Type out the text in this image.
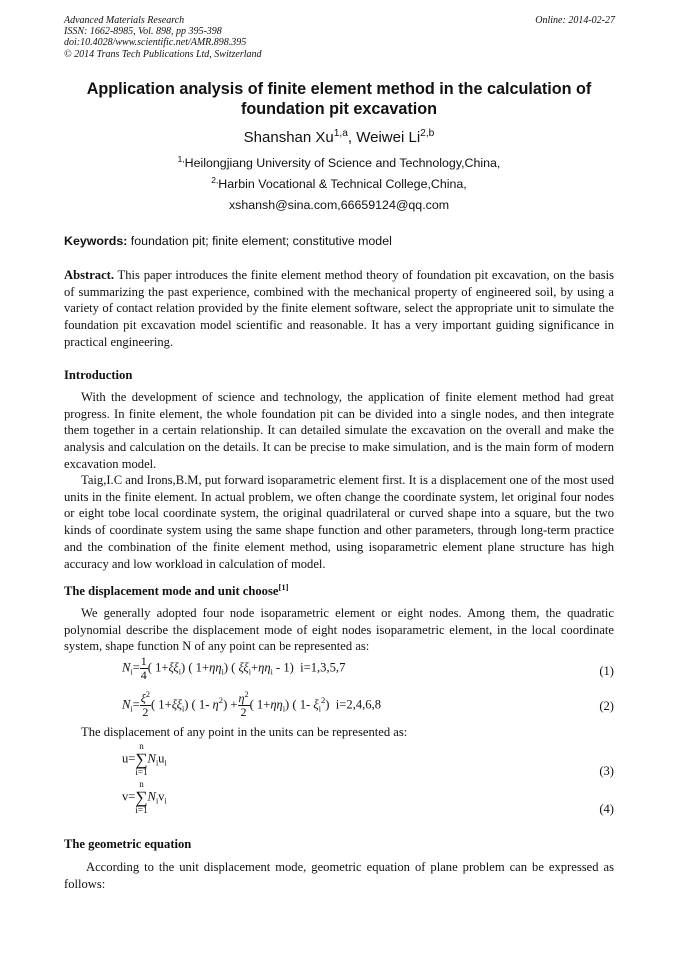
Advanced Materials Research
ISSN: 1662-8985, Vol. 898, pp 395-398
doi:10.4028/www.scientific.net/AMR.898.395
© 2014 Trans Tech Publications Ltd, Switzerland
Online: 2014-02-27
Application analysis of finite element method in the calculation of
foundation pit excavation
Shanshan Xu$^{1,a}$, Weiwei Li$^{2,b}$
$^{1,}$Heilongjiang University of Science and Technology,China,
$^{2,}$Harbin Vocational & Technical College,China,
xshansh@sina.com,66659124@qq.com
Keywords: foundation pit; finite element; constitutive model
Abstract. This paper introduces the finite element method theory of foundation pit excavation, on the basis of summarizing the past experience, combined with the mechanical property of engineered soil, by using a variety of contact relation provided by the finite element software, select the appropriate unit to simulate the foundation pit excavation model scientific and reasonable. It has a very important guiding significance in practical engineering.
Introduction
With the development of science and technology, the application of finite element method had great progress. In finite element, the whole foundation pit can be divided into a single nodes, and then integrate them together in a certain relationship. It can detailed simulate the excavation on the overall and make the analysis and calculation on the details. It can be precise to make simulation, and is the main form of modern excavation model.
Taig,I.C and Irons,B.M, put forward isoparametric element first. It is a displacement one of the most used units in the finite element. In actual problem, we often change the coordinate system, let original four nodes or eight tobe local coordinate system, the original quadrilateral or curved shape into a square, but the two kinds of coordinate system using the same shape function and other parameters, through long-term practice and the combination of the finite element method, using isoparametric element plane structure has high accuracy and low workload in calculation of model.
The displacement mode and unit choose[1]
We generally adopted four node isoparametric element or eight nodes. Among them, the quadratic polynomial describe the displacement mode of eight nodes isoparametric element, in the local coordinate system, shape function N of any point can be represented as:
$N_i= \frac{1}{4}$ ( $1+\xi\xi_i$) ( $1+\eta\eta_i$) ( $\xi\xi_i+\eta\eta_i - 1$)  i=1,3,5,7	(1)
$N_i= \frac{\xi^2}{2}$ ( $1+\xi\xi_i$) ( 1- $\eta^2) + \frac{\eta^2}{2}$ ( $1+\eta\eta_i$) ( 1- $\xi_i^2$)  i=2,4,6,8	(2)
The displacement of any point in the units can be represented as:
u=n
∑
$i=1N_iu_i$
(3)
v=n
∑
$i=1N_iv_i$
(4)
The geometric equation
According to the unit displacement mode, geometric equation of plane problem can be expressed as follows:
